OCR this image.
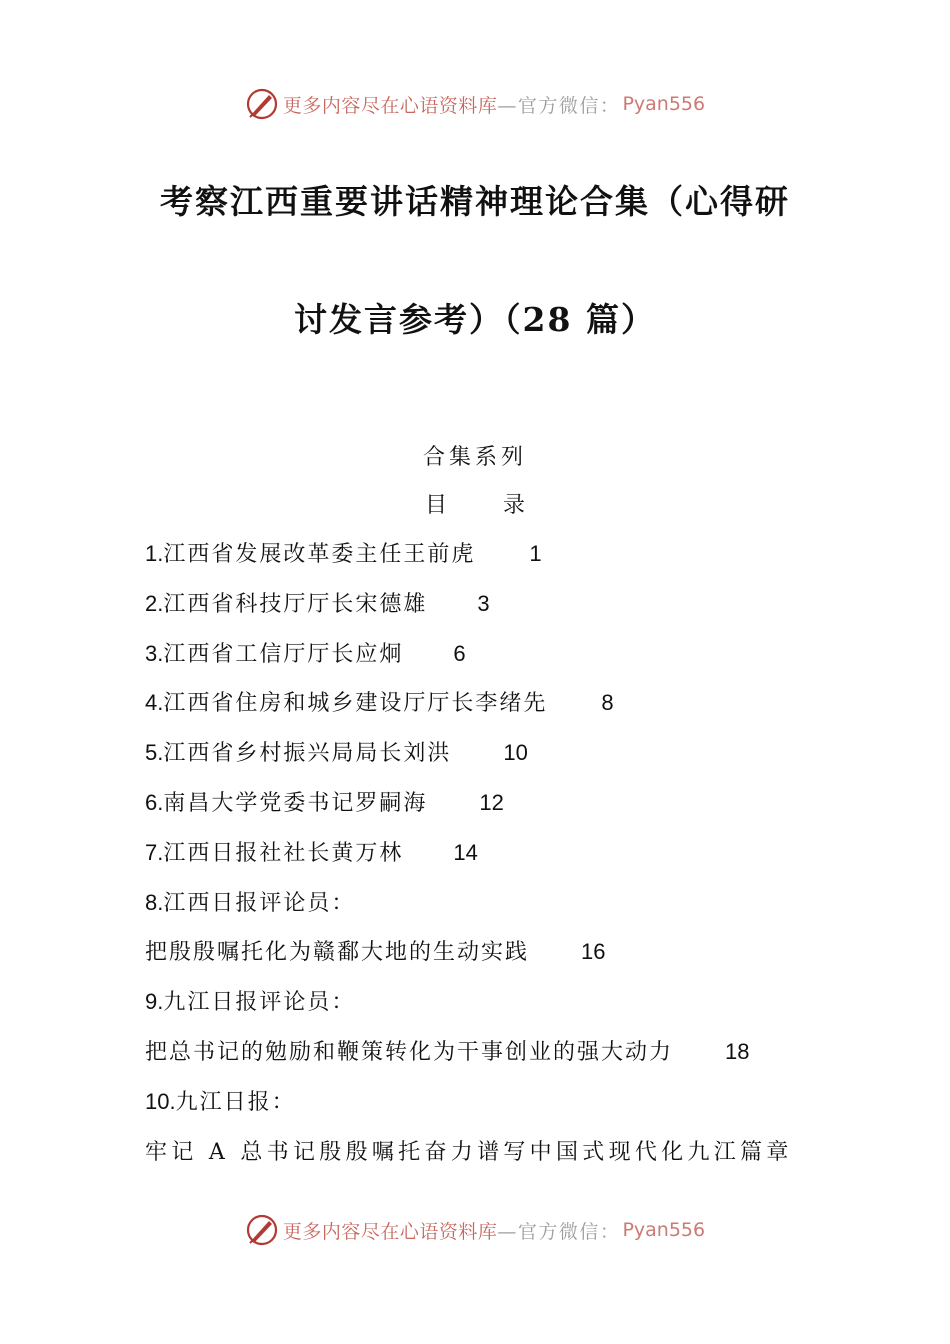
更多内容尽在心语资料库 —官方微信： Pyan556
考察江西重要讲话精神理论合集（心得研
讨发言参考）（28 篇）
合集系列
目	录
1.江西省发展改革委主任王前虎 1
2.江西省科技厅厅长宋德雄 3
3.江西省工信厅厅长应炯 6
4.江西省住房和城乡建设厅厅长李绪先 8
5.江西省乡村振兴局局长刘洪 10
6.南昌大学党委书记罗嗣海 12
7.江西日报社社长黄万林 14
8.江西日报评论员：
把殷殷嘱托化为赣鄱大地的生动实践 16
9.九江日报评论员：
把总书记的勉励和鞭策转化为干事创业的强大动力 18
10.九江日报：
牢记 A 总书记殷殷嘱托奋力谱写中国式现代化九江篇章
更多内容尽在心语资料库 —官方微信： Pyan556
